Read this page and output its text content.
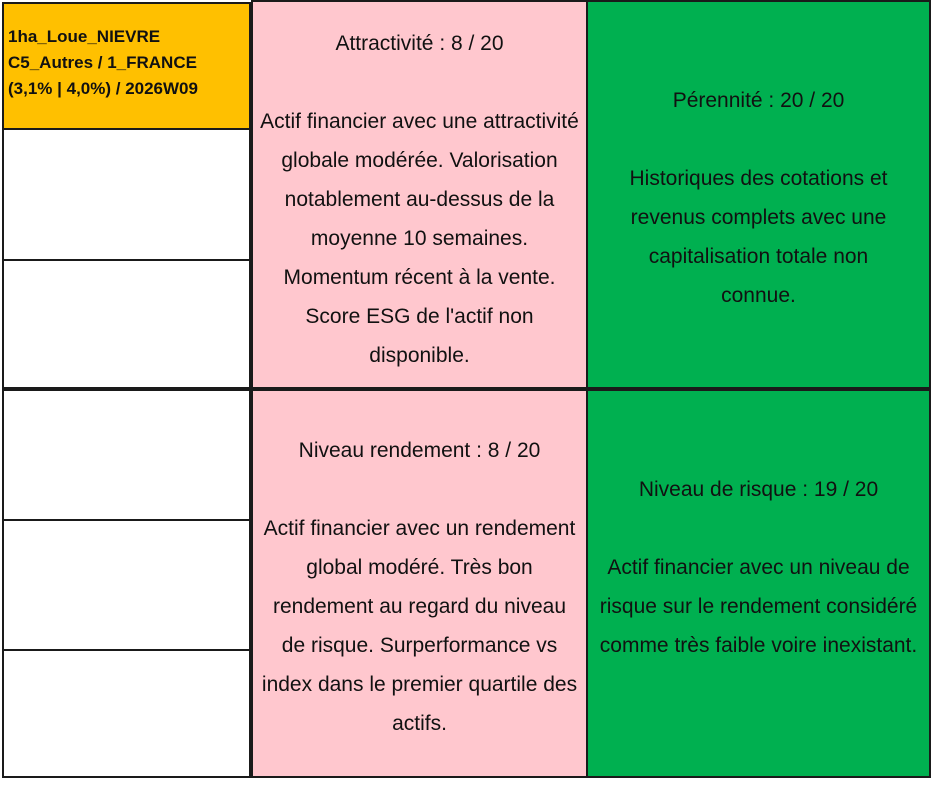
1ha_Loue_NIEVRE
C5_Autres / 1_FRANCE
(3,1% | 4,0%) / 2026W09
Attractivité : 8 / 20
Actif financier avec une attractivité globale modérée. Valorisation notablement au-dessus de la moyenne 10 semaines. Momentum récent à la vente. Score ESG de l'actif non disponible.
Pérennité : 20 / 20
Historiques des cotations et revenus complets avec une capitalisation totale non connue.
Niveau rendement : 8 / 20
Actif financier avec un rendement global modéré. Très bon rendement au regard du niveau de risque. Surperformance vs index dans le premier quartile des actifs.
Niveau de risque : 19 / 20
Actif financier avec un niveau de risque sur le rendement considéré comme très faible voire inexistant.
